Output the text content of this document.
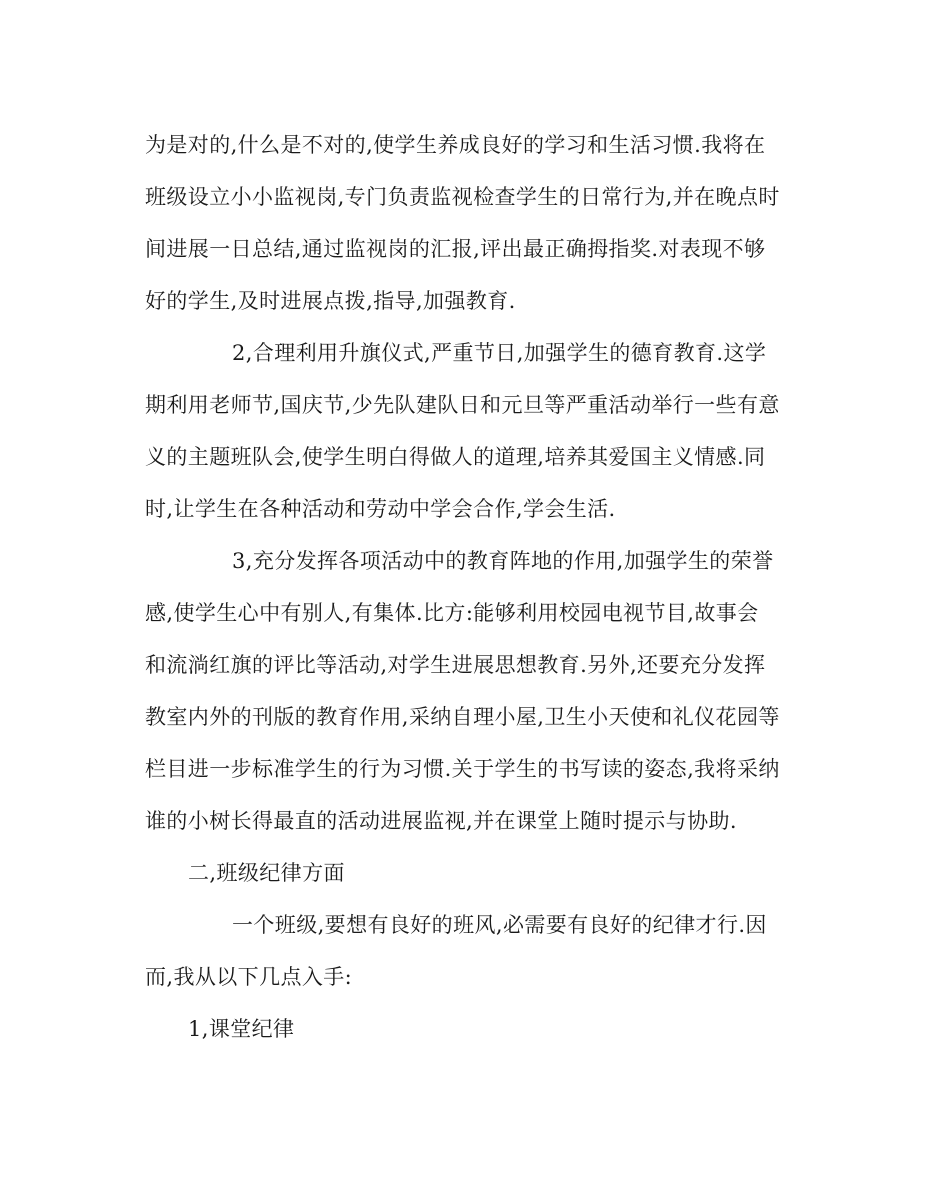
为是对的,什么是不对的,使学生养成良好的学习和生活习惯.我将在
班级设立小小监视岗,专门负责监视检查学生的日常行为,并在晚点时
间进展一日总结,通过监视岗的汇报,评出最正确拇指奖.对表现不够
好的学生,及时进展点拨,指导,加强教育.
2,合理利用升旗仪式,严重节日,加强学生的德育教育.这学
期利用老师节,国庆节,少先队建队日和元旦等严重活动举行一些有意
义的主题班队会,使学生明白得做人的道理,培养其爱国主义情感.同
时,让学生在各种活动和劳动中学会合作,学会生活.
3,充分发挥各项活动中的教育阵地的作用,加强学生的荣誉
感,使学生心中有别人,有集体.比方:能够利用校园电视节目,故事会
和流淌红旗的评比等活动,对学生进展思想教育.另外,还要充分发挥
教室内外的刊版的教育作用,采纳自理小屋,卫生小天使和礼仪花园等
栏目进一步标准学生的行为习惯.关于学生的书写读的姿态,我将采纳
谁的小树长得最直的活动进展监视,并在课堂上随时提示与协助.
二,班级纪律方面
一个班级,要想有良好的班风,必需要有良好的纪律才行.因
而,我从以下几点入手:
1,课堂纪律
